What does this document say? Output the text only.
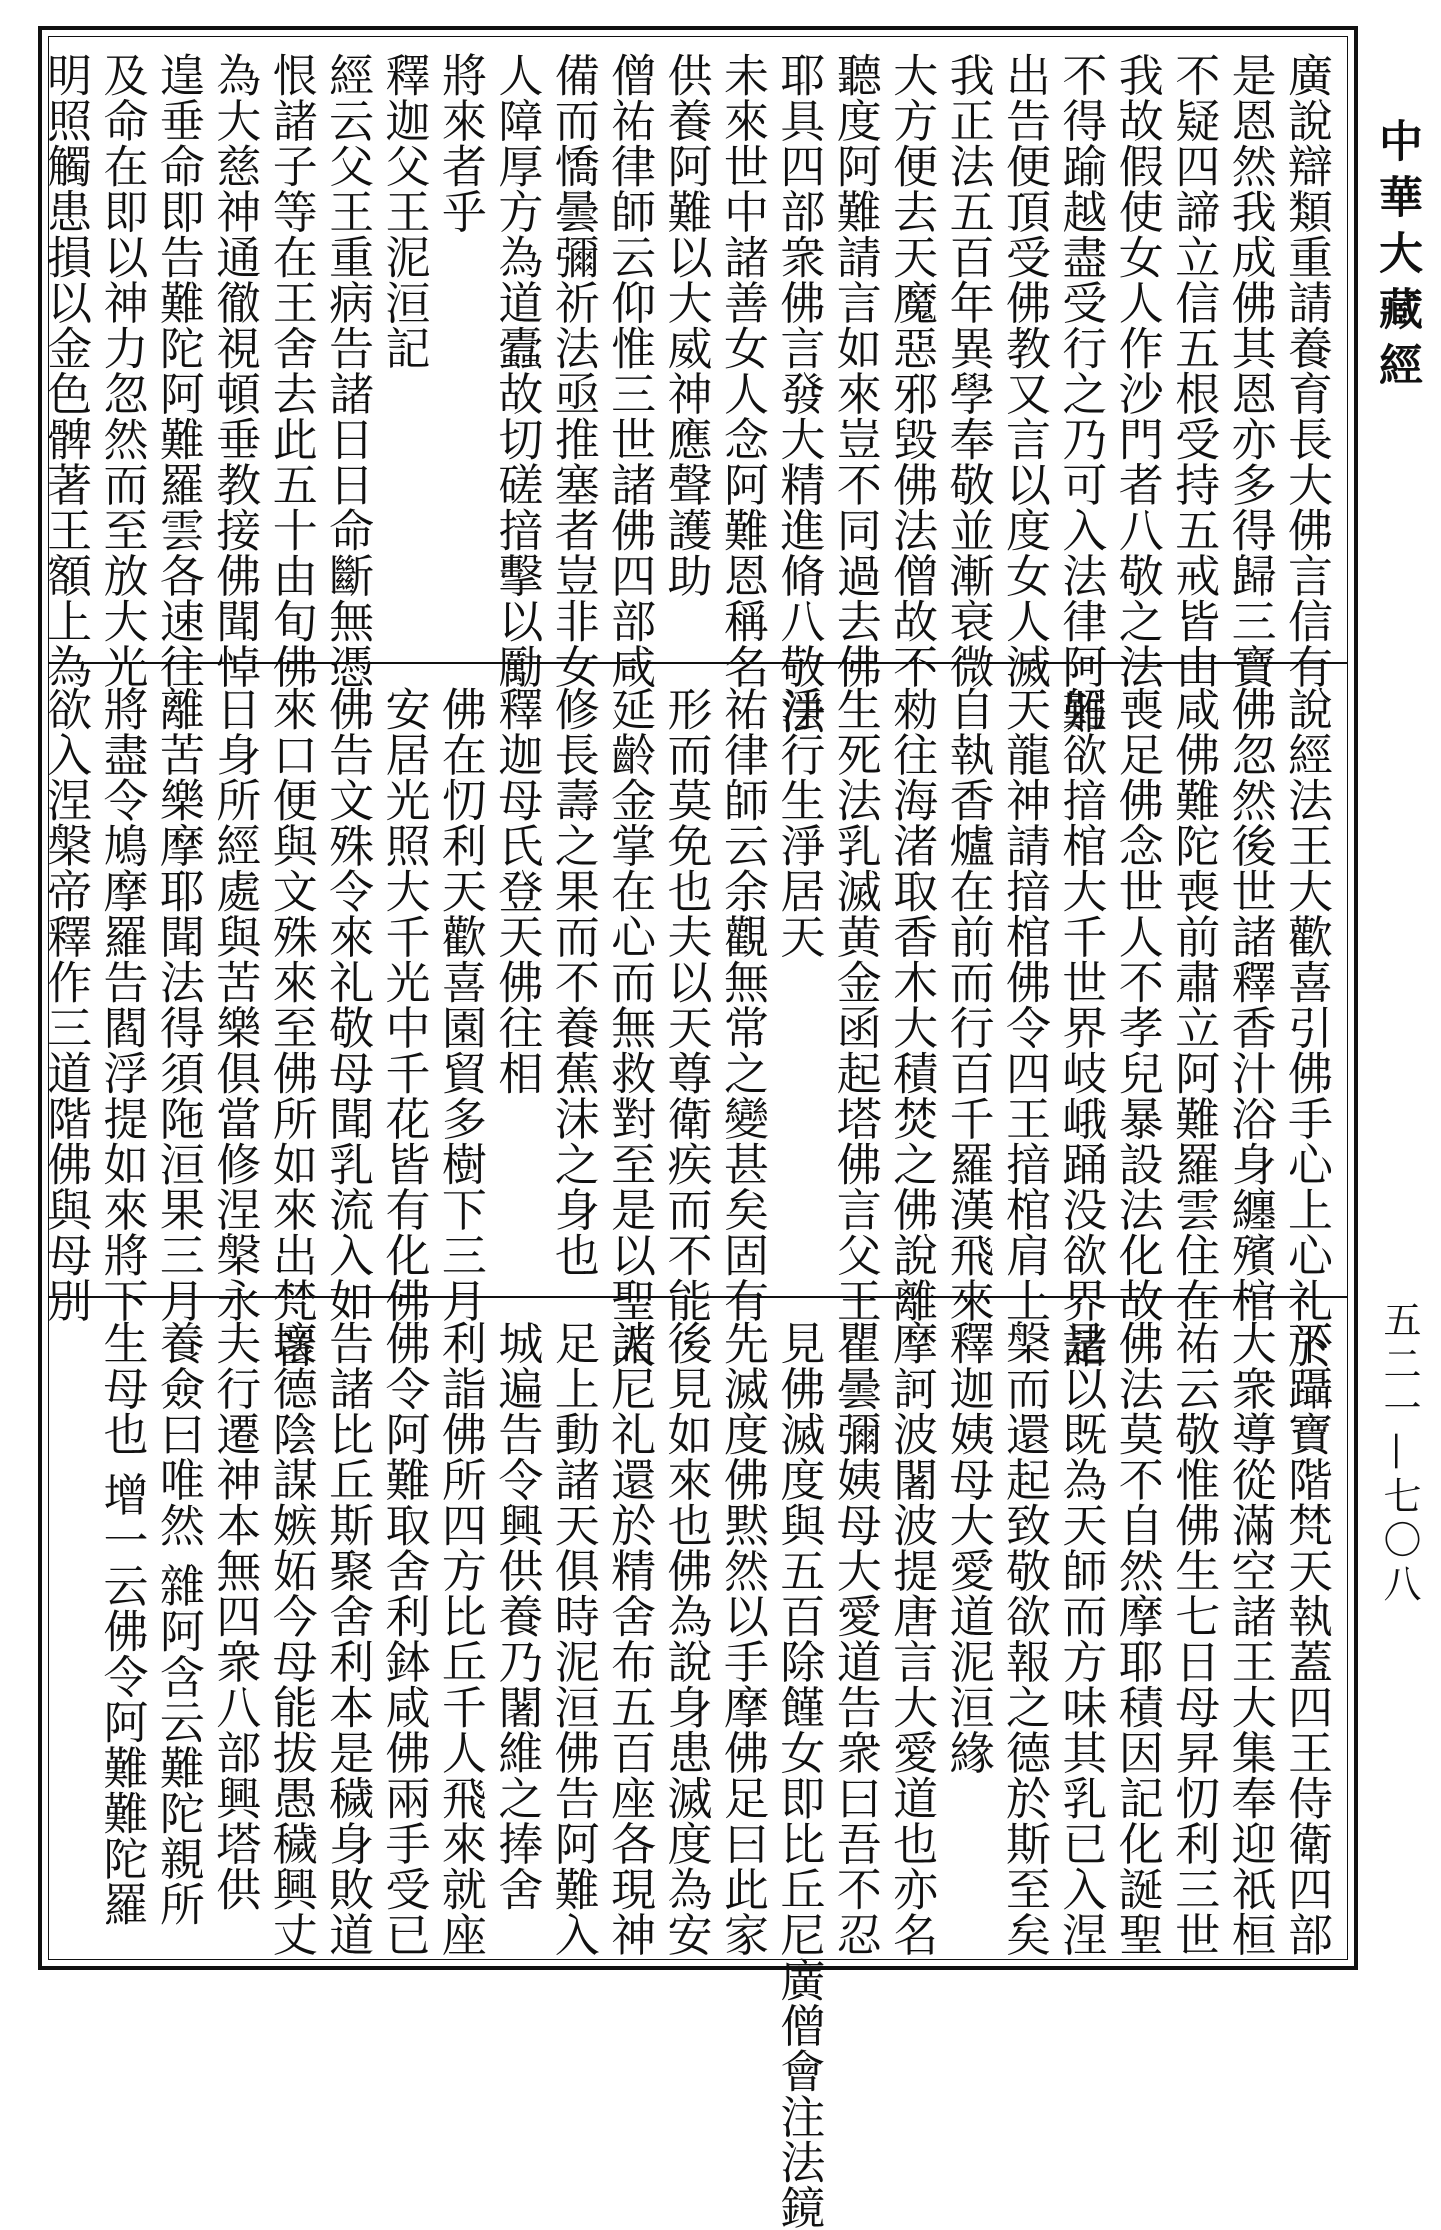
中華大藏經
五二一—七〇八
廣說辯類重請養育長大佛言信有
是恩然我成佛其恩亦多得歸三寶
不疑四諦立信五根受持五戒皆由
我故假使女人作沙門者八敬之法
不得踰越盡受行之乃可入法律阿難
出告便頂受佛教又言以度女人滅
我正法五百年異學奉敬並漸衰微
大方便去天魔惡邪毀佛法僧故不
聽度阿難請言如來豈不同過去佛
耶具四部衆佛言發大精進脩八敬法
未來世中諸善女人念阿難恩稱名
供養阿難以大威神應聲護助
僧祐律師云仰惟三世諸佛四部咸
備而憍曇彌祈法亟推塞者豈非女
人障厚方為道蠹故切磋揞擊以勵
將來者乎
釋迦父王泥洹記
經云父王重病告諸日日命斷無憑
恨諸子等在王舍去此五十由旬佛
為大慈神通徹視頓垂教接佛聞悼
遑垂命即告難陀阿難羅雲各速往
及命在即以神力忽然而至放大光
明照觸患損以金色髀著王額上為
說經法王大歡喜引佛手心上心礼於
佛忽然後世諸釋香汁浴身纏殯棺
咸佛難陀喪前肅立阿難羅雲住在
喪足佛念世人不孝兒暴設法化故
躬欲揞棺大千世界岐峨踊没欲界諸
天龍神請揞棺佛令四王揞棺肩上
自執香爐在前而行百千羅漢飛來
勑往海渚取香木大積焚之佛說離
生死法乳滅黄金函起塔佛言父王
淨行生淨居天
祐律師云余觀無常之變甚矣固有
形而莫免也夫以天尊衛疾而不能
延齡金掌在心而無救對至是以聖人
修長壽之果而不養蕉沫之身也
釋迦母氏登天佛往相
佛在忉利天歡喜園貿多樹下三月
安居光照大千光中千花皆有化佛
佛告文殊令來礼敬母聞乳流入如
來口便與文殊來至佛所如來出梵音
日身所經處與苦樂俱當修涅槃永
離苦樂摩耶聞法得須陁洹果三月
將盡令鳩摩羅告閻浮提如來將下
欲入涅槃帝釋作三道階佛與母別
下躡寶階梵天執蓋四王侍衛四部
大衆導從滿空諸王大集奉迎祇桓
祐云敬惟佛生七日母昇忉利三世
佛法莫不自然摩耶積因記化誕聖
是以既為天師而方味其乳已入涅
槃而還起致敬欲報之德於斯至矣
釋迦姨母大愛道泥洹緣
摩訶波闍波提唐言大愛道也亦名
瞿曇彌姨母大愛道告衆曰吾不忍
見佛滅度與五百除饉女即比丘尼廣僧會注法鏡
先滅度佛黙然以手摩佛足曰此家
後見如來也佛為說身患滅度為安
諸尼礼還於精舍布五百座各現神
足上動諸天俱時泥洹佛告阿難入
城遍告令興供養乃闍維之捧舍
利詣佛所四方比丘千人飛來就座
佛令阿難取舍利鉢咸佛兩手受已
告諸比丘斯聚舍利本是穢身敗道
壞德陰謀嫉妬今母能拔愚穢興丈
夫行遷神本無四衆八部興塔供
養僉曰唯然 雜阿含云難陀親所
生母也 增一云佛令阿難難陀羅
